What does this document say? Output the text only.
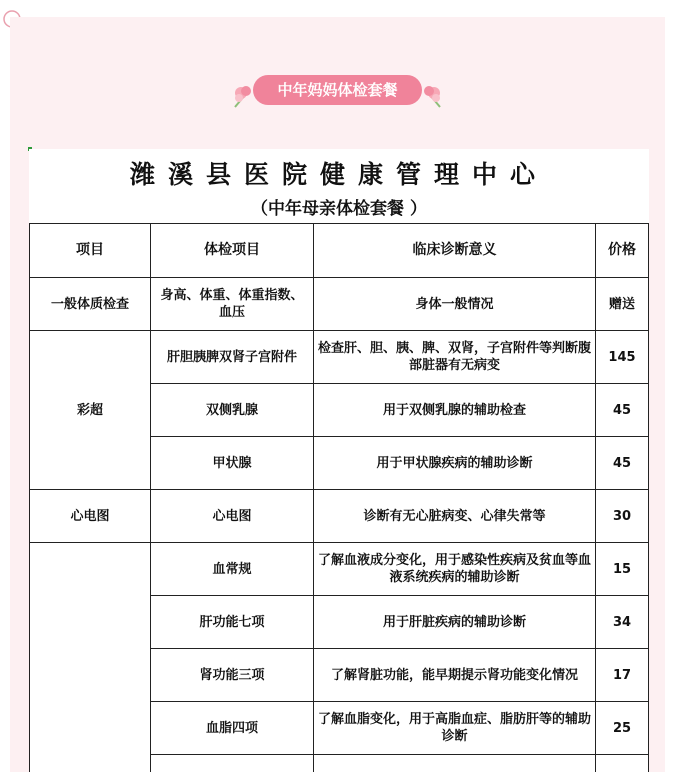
中年妈妈体检套餐
潍溪县医院健康管理中心
（中年母亲体检套餐 ）
项目	体检项目	临床诊断意义	价格
一般体质检查	身高、体重、体重指数、血压	身体一般情况	赠送
彩超	肝胆胰脾双肾子宫附件	检查肝、胆、胰、脾、双肾，子宫附件等判断腹部脏器有无病变	145
	双侧乳腺	用于双侧乳腺的辅助检查	45
	甲状腺	用于甲状腺疾病的辅助诊断	45
心电图	心电图	诊断有无心脏病变、心律失常等	30
	血常规	了解血液成分变化，用于感染性疾病及贫血等血液系统疾病的辅助诊断	15
	肝功能七项	用于肝脏疾病的辅助诊断	34
	肾功能三项	了解肾脏功能，能早期提示肾功能变化情况	17
	血脂四项	了解血脂变化，用于高脂血症、脂肪肝等的辅助诊断	25
